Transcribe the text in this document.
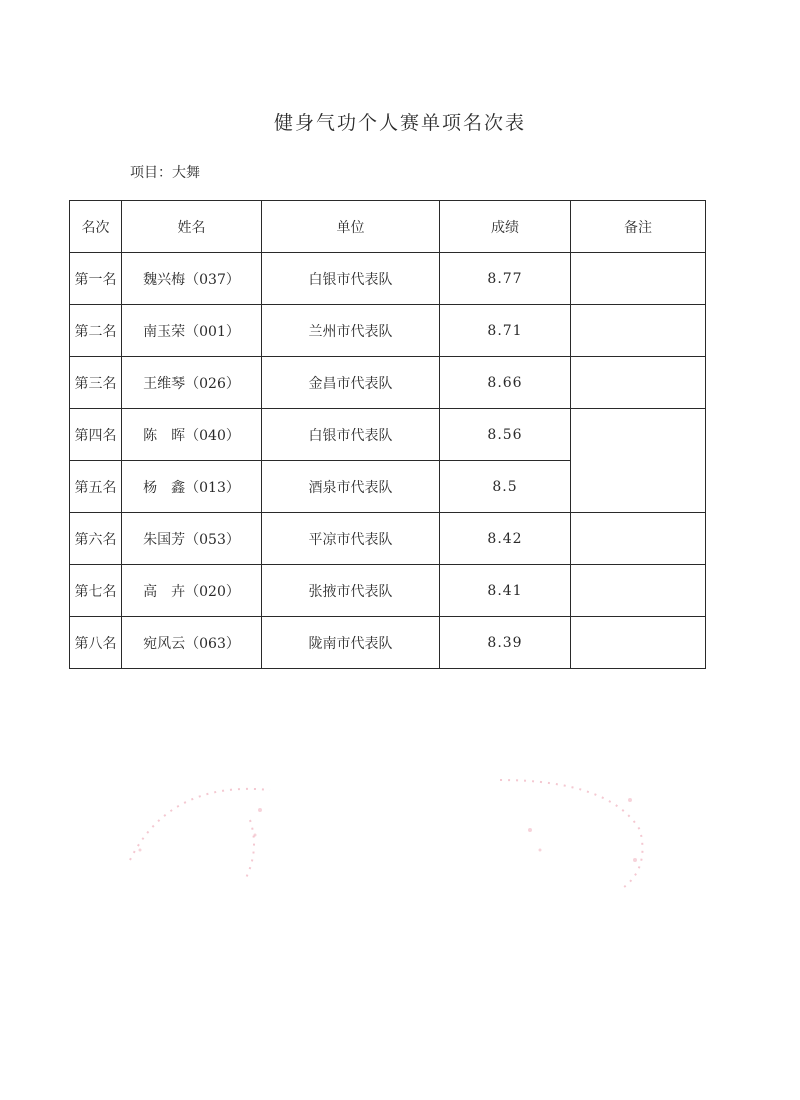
健身气功个人赛单项名次表
项目：大舞
名次	姓名	单位	成绩	备注
第一名	魏兴梅（037）	白银市代表队	8.77	
第二名	南玉荣（001）	兰州市代表队	8.71	
第三名	王维琴（026）	金昌市代表队	8.66	
第四名	陈　晖（040）	白银市代表队	8.56	
第五名	杨　鑫（013）	酒泉市代表队	8.5	
第六名	朱国芳（053）	平凉市代表队	8.42	
第七名	高　卉（020）	张掖市代表队	8.41	
第八名	宛风云（063）	陇南市代表队	8.39	
